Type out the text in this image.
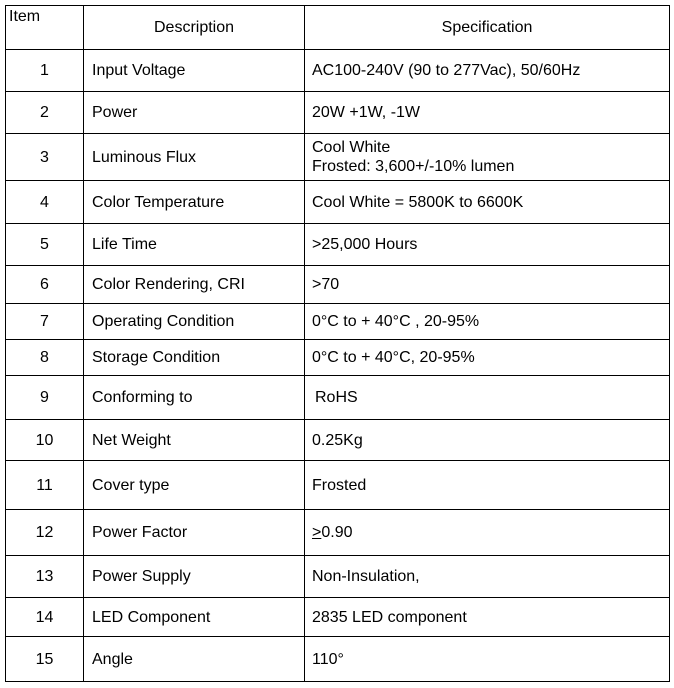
Item	Description	Specification
1	Input Voltage	AC100-240V (90 to 277Vac), 50/60Hz
2	Power	20W +1W, -1W
3	Luminous Flux	Cool White
Frosted: 3,600+/-10% lumen

4	Color Temperature	Cool White = 5800K to 6600K
5	Life Time	>25,000 Hours
6	Color Rendering, CRI	>70
7	Operating Condition	0°C to + 40°C , 20-95%
8	Storage Condition	0°C to + 40°C, 20-95%
9	Conforming to	RoHS
10	Net Weight	0.25Kg
11	Cover type	Frosted
12	Power Factor	≥0.90
13	Power Supply	Non-Insulation,
14	LED Component	2835 LED component
15	Angle	110°
